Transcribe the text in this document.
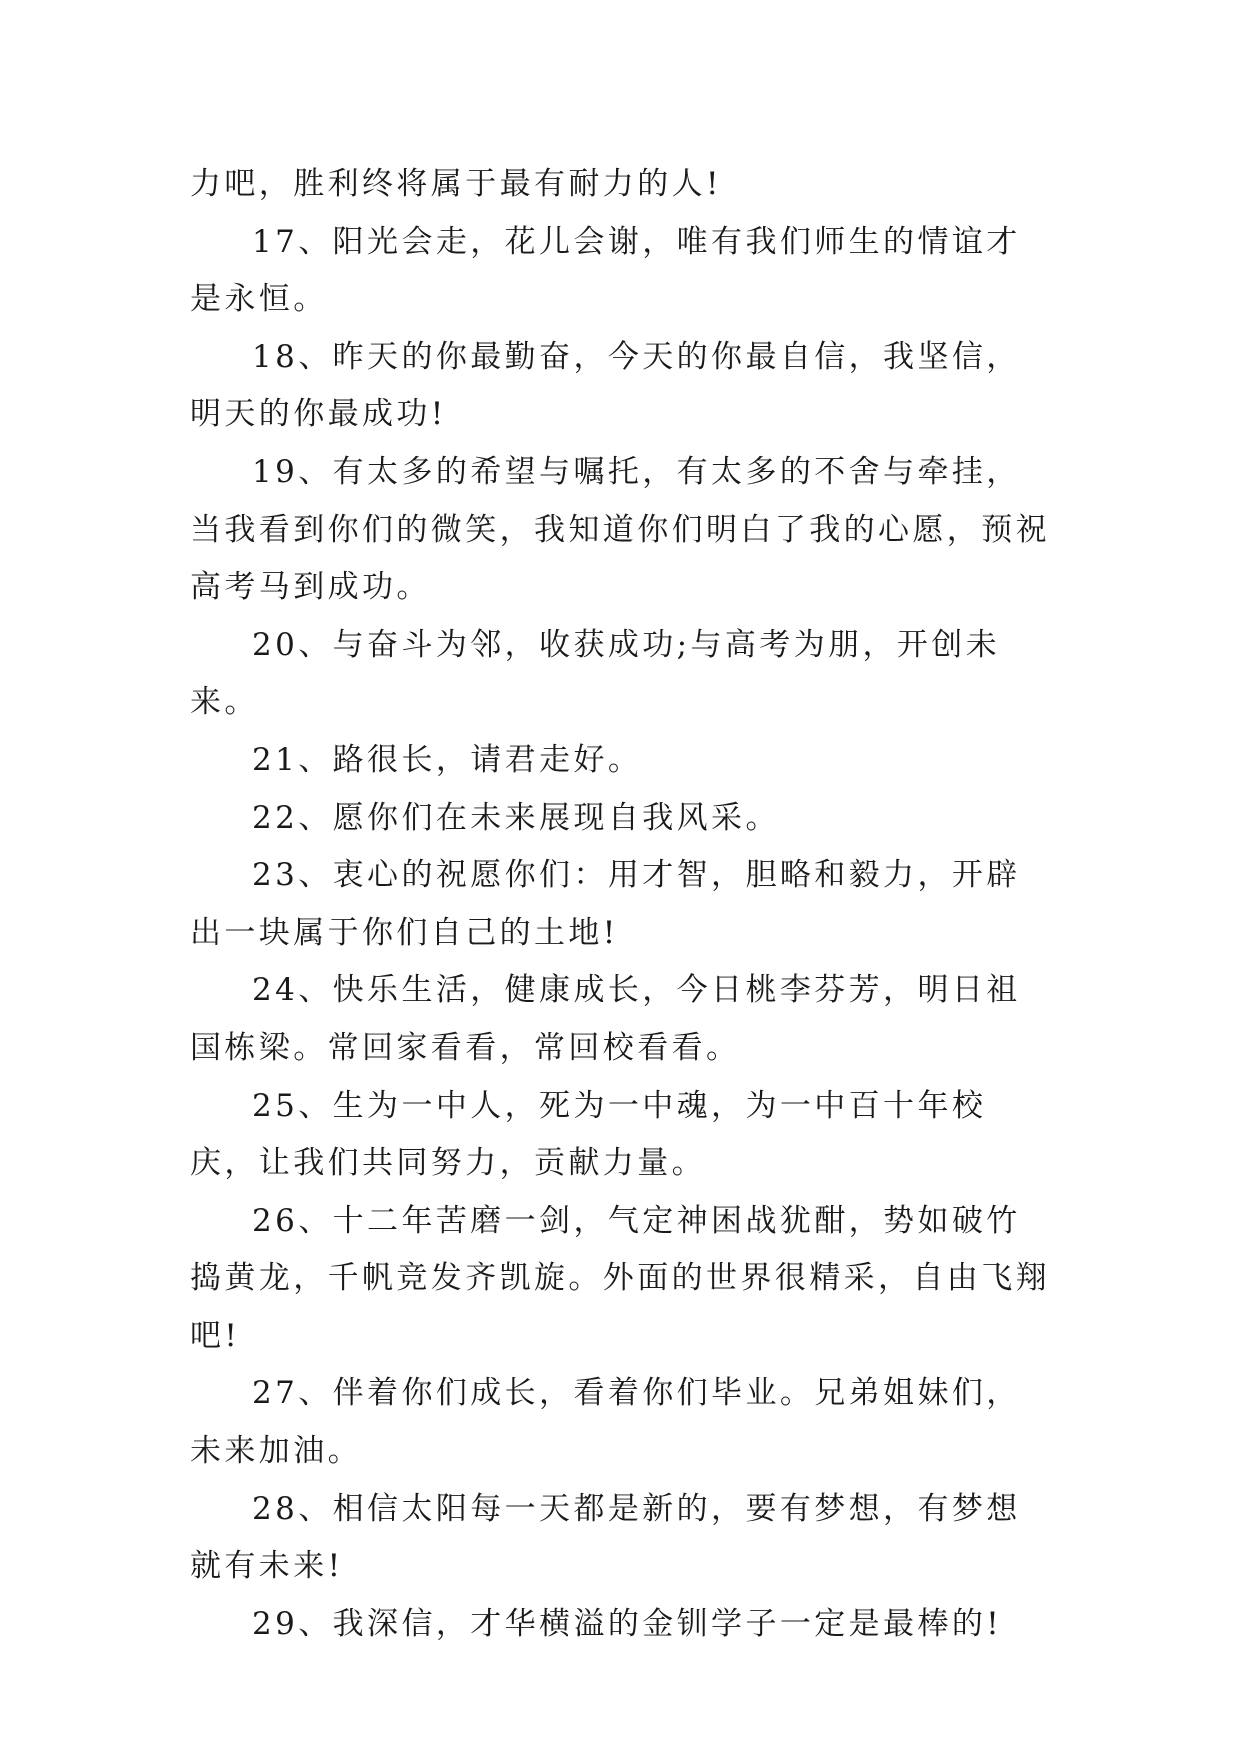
力吧，胜利终将属于最有耐力的人!

17、阳光会走，花儿会谢，唯有我们师生的情谊才是永恒。

18、昨天的你最勤奋，今天的你最自信，我坚信，明天的你最成功!

19、有太多的希望与嘱托，有太多的不舍与牵挂，当我看到你们的微笑，我知道你们明白了我的心愿，预祝高考马到成功。

20、与奋斗为邻，收获成功;与高考为朋，开创未来。

21、路很长，请君走好。

22、愿你们在未来展现自我风采。

23、衷心的祝愿你们：用才智，胆略和毅力，开辟出一块属于你们自己的土地!

24、快乐生活，健康成长，今日桃李芬芳，明日祖国栋梁。常回家看看，常回校看看。

25、生为一中人，死为一中魂，为一中百十年校庆，让我们共同努力，贡献力量。

26、十二年苦磨一剑，气定神困战犹酣，势如破竹捣黄龙，千帆竞发齐凯旋。外面的世界很精采，自由飞翔吧!

27、伴着你们成长，看着你们毕业。兄弟姐妹们，未来加油。

28、相信太阳每一天都是新的，要有梦想，有梦想就有未来!

29、我深信，才华横溢的金钏学子一定是最棒的!
